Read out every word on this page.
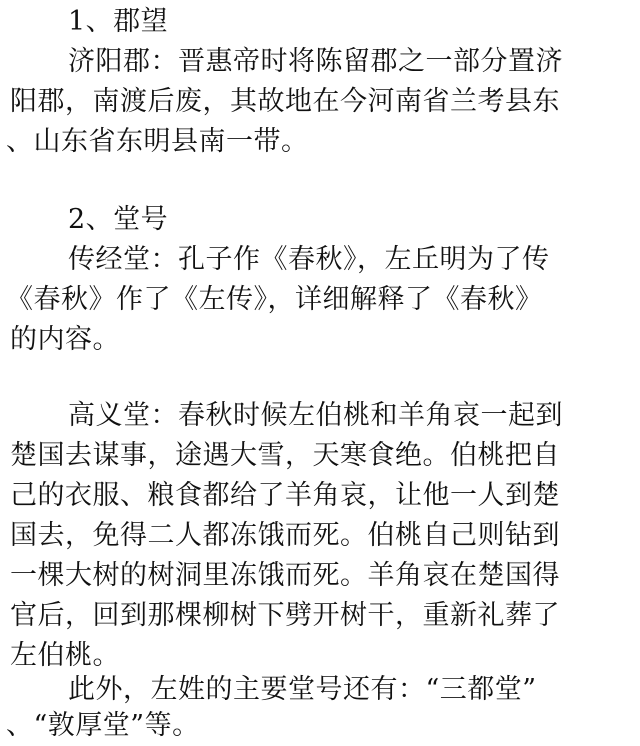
1、郡望
济阳郡：晋惠帝时将陈留郡之一部分置济
阳郡，南渡后废，其故地在今河南省兰考县东
、山东省东明县南一带。
2、堂号
传经堂：孔子作《春秋》，左丘明为了传
《春秋》作了《左传》，详细解释了《春秋》
的内容。
高义堂：春秋时候左伯桃和羊角哀一起到
楚国去谋事，途遇大雪，天寒食绝。伯桃把自
己的衣服、粮食都给了羊角哀，让他一人到楚
国去，免得二人都冻饿而死。伯桃自己则钻到
一棵大树的树洞里冻饿而死。羊角哀在楚国得
官后，回到那棵柳树下劈开树干，重新礼葬了
左伯桃。
此外，左姓的主要堂号还有：“三都堂”
、“敦厚堂”等。
